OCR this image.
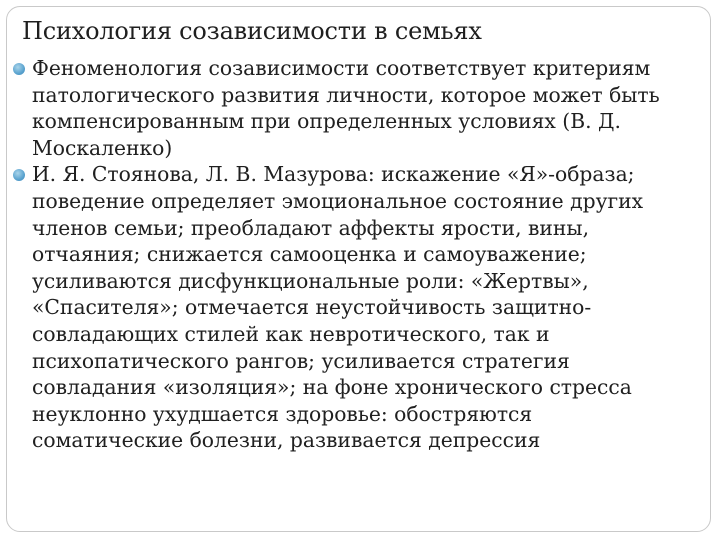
Психология созависимости в семьях
Феноменология созависимости соответствует критериям патологического развития личности, которое может быть компенсированным при определенных условиях (В. Д. Москаленко)
И. Я. Стоянова, Л. В. Мазурова: искажение «Я»-образа; поведение определяет эмоциональное состояние других членов семьи; преобладают аффекты ярости, вины, отчаяния; снижается самооценка и самоуважение; усиливаются дисфункциональные роли: «Жертвы», «Спасителя»; отмечается неустойчивость защитно-совладающих стилей как невротического, так и психопатического рангов; усиливается стратегия совладания «изоляция»; на фоне хронического стресса неуклонно ухудшается здоровье: обостряются соматические болезни, развивается депрессия
